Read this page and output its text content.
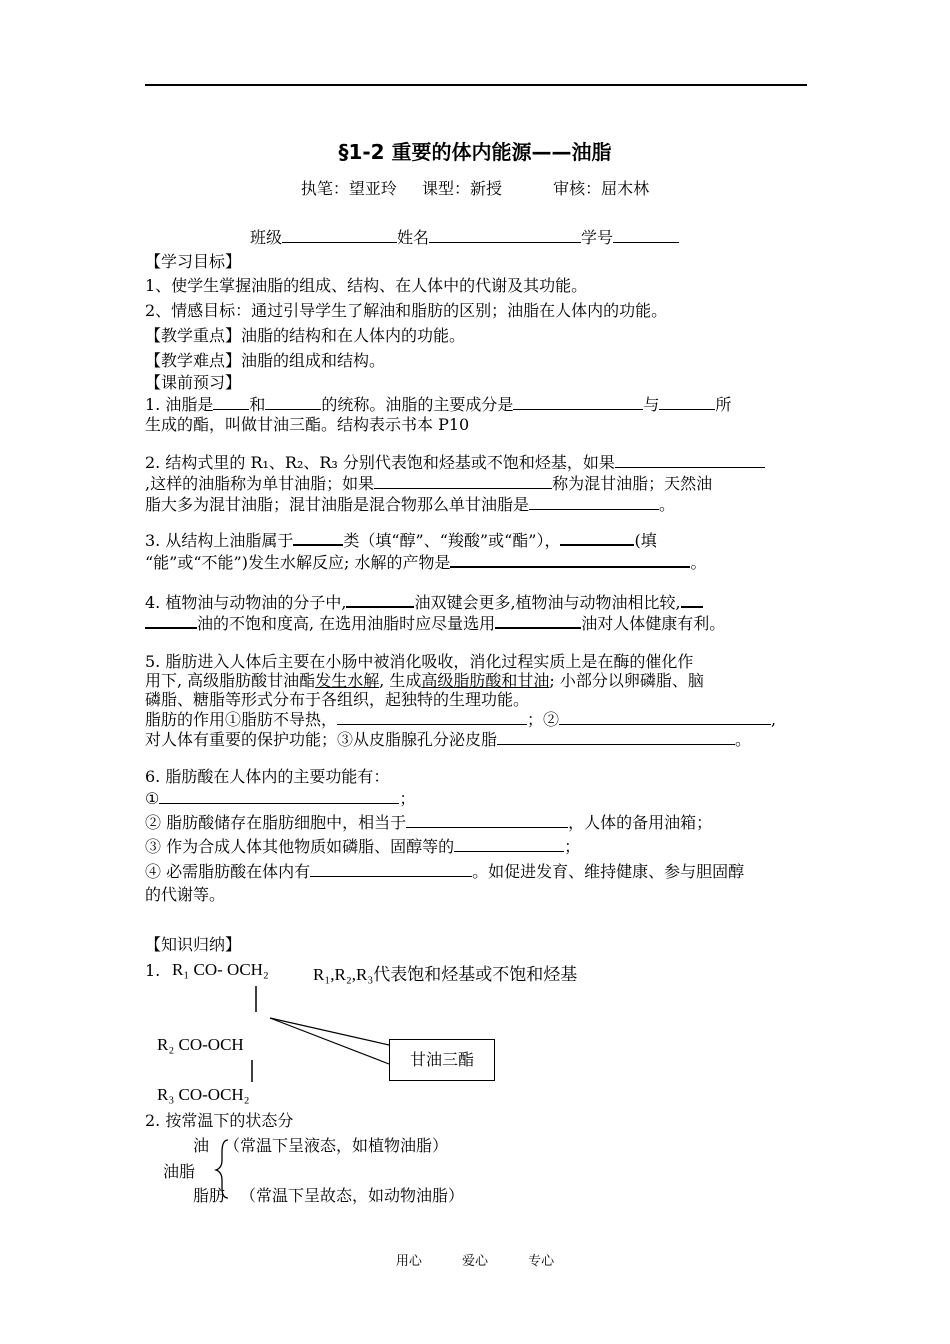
§1-2 重要的体内能源——油脂
执笔：望亚玲 课型：新授	审核：屈木林
班级	姓名	学号
【学习目标】
1、使学生掌握油脂的组成、结构、在人体中的代谢及其功能。
2、情感目标：通过引导学生了解油和脂肪的区别；油脂在人体内的功能。
【教学重点】油脂的结构和在人体内的功能。
【教学难点】油脂的组成和结构。
【课前预习】
1. 油脂是 和	的统称。油脂的主要成分是	与	所
生成的酯，叫做甘油三酯。结构表示书本 P10
2. 结构式里的 R₁、R₂、R₃ 分别代表饱和烃基或不饱和烃基，如果
,这样的油脂称为单甘油脂；如果	称为混甘油脂；天然油
脂大多为混甘油脂；混甘油脂是混合物那么单甘油脂是	。
3. 从结构上油脂属于	类（填“醇”、“羧酸”或“酯”），	(填
“能”或“不能”)发生水解反应; 水解的产物是	。
4. 植物油与动物油的分子中,	油双键会更多,植物油与动物油相比较,
油的不饱和度高, 在选用油脂时应尽量选用	油对人体健康有利。
5. 脂肪进入人体后主要在小肠中被消化吸收，消化过程实质上是在酶的催化作
用下, 高级脂肪酸甘油酯发生水解, 生成高级脂肪酸和甘油; 小部分以卵磷脂、脑
磷脂、糖脂等形式分布于各组织，起独特的生理功能。
脂肪的作用①脂肪不导热，	；②	,
对人体有重要的保护功能；③从皮脂腺孔分泌皮脂	。
6. 脂肪酸在人体内的主要功能有：
①	；
② 脂肪酸储存在脂肪细胞中，相当于	，人体的备用油箱；
③ 作为合成人体其他物质如磷脂、固醇等的	；
④ 必需脂肪酸在体内有	。如促进发育、维持健康、参与胆固醇
的代谢等。
【知识归纳】
1. R₁ CO- OCH₂	R₁,R₂,R₃代表饱和烃基或不饱和烃基
R₂ CO-OCH
R₃ CO-OCH₂
甘油三酯
2. 按常温下的状态分
油 （常温下呈液态，如植物油脂）
油脂
脂肪 （常温下呈故态，如动物油脂）
用心	爱心	专心
